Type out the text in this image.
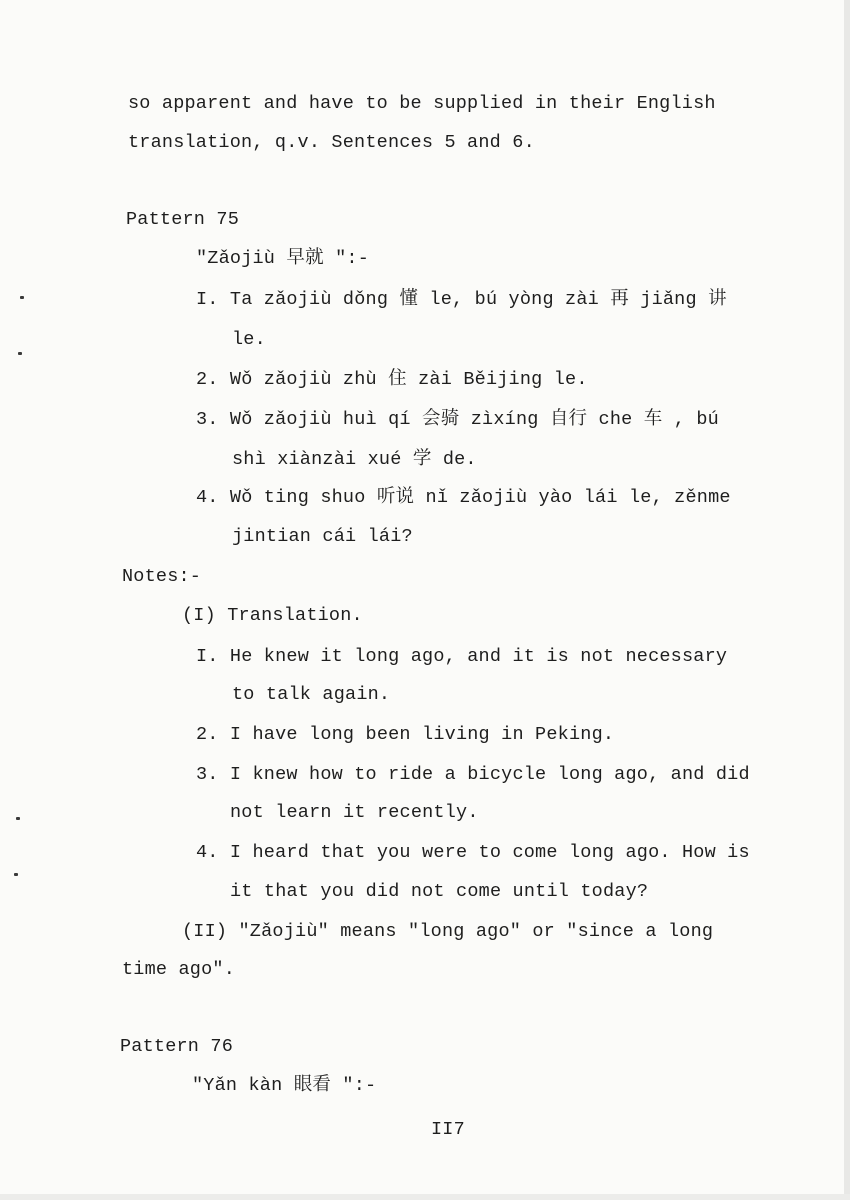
so apparent and have to be supplied in their English
translation, q.v. Sentences 5 and 6.
Pattern 75
"Zǎojiù 早就 ":-
I. Ta zǎojiù dǒng 懂 le, bú yòng zài 再 jiǎng 讲
le.
2. Wǒ zǎojiù zhù 住 zài Běijing le.
3. Wǒ zǎojiù huì qí 会骑 zìxíng 自行 che 车 , bú
shì xiànzài xué 学 de.
4. Wǒ ting shuo 听说 nǐ zǎojiù yào lái le, zěnme
jintian cái lái?
Notes:-
(I) Translation.
I. He knew it long ago, and it is not necessary
to talk again.
2. I have long been living in Peking.
3. I knew how to ride a bicycle long ago, and did
not learn it recently.
4. I heard that you were to come long ago. How is
it that you did not come until today?
(II) "Zǎojiù" means "long ago" or "since a long
time ago".
Pattern 76
"Yǎn kàn 眼看 ":-
II7
